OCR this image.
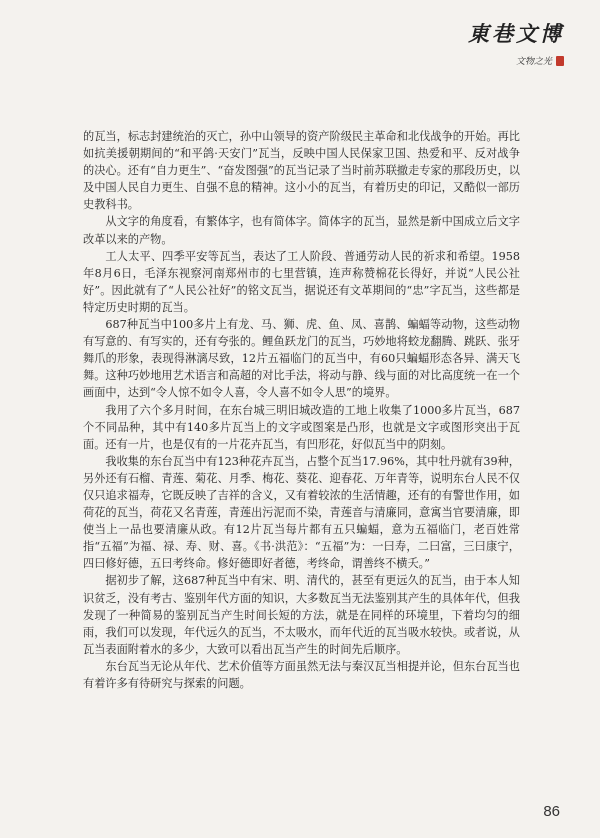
東巷文博
文物之光

的瓦当，标志封建统治的灭亡，孙中山领导的资产阶级民主革命和北伐战争的开始。再比如抗美援朝期间的“和平鸽·天安门”瓦当，反映中国人民保家卫国、热爱和平、反对战争的决心。还有“自力更生”、“奋发图强”的瓦当记录了当时前苏联撤走专家的那段历史，以及中国人民自力更生、自强不息的精神。这小小的瓦当，有着历史的印记，又酷似一部历史教科书。

从文字的角度看，有繁体字，也有简体字。简体字的瓦当，显然是新中国成立后文字改革以来的产物。

工人太平、四季平安等瓦当，表达了工人阶段、普通劳动人民的祈求和希望。1958年8月6日，毛泽东视察河南郑州市的七里营镇，连声称赞棉花长得好，并说“人民公社好”。因此就有了“人民公社好”的铭文瓦当，据说还有文革期间的“忠”字瓦当，这些都是特定历史时期的瓦当。

687种瓦当中100多片上有龙、马、狮、虎、鱼、凤、喜鹊、蝙蝠等动物，这些动物有写意的、有写实的，还有夸张的。鲤鱼跃龙门的瓦当，巧妙地将蛟龙翻腾、跳跃、张牙舞爪的形象，表现得淋漓尽致，12片五福临门的瓦当中，有60只蝙蝠形态各异、满天飞舞。这种巧妙地用艺术语言和高超的对比手法，将动与静、线与面的对比高度统一在一个画面中，达到“令人惊不如令人喜，令人喜不如令人思”的境界。

我用了六个多月时间，在东台城三明旧城改造的工地上收集了1000多片瓦当，687个不同品种，其中有140多片瓦当上的文字或图案是凸形，也就是文字或图形突出于瓦面。还有一片，也是仅有的一片花卉瓦当，有凹形花，好似瓦当中的阴刻。

我收集的东台瓦当中有123种花卉瓦当，占整个瓦当17.96%，其中牡丹就有39种，另外还有石榴、青莲、菊花、月季、梅花、葵花、迎春花、万年青等，说明东台人民不仅仅只追求福寿，它既反映了吉祥的含义，又有着较浓的生活情趣，还有的有警世作用，如荷花的瓦当，荷花又名青莲，青莲出污泥而不染，青莲音与清廉同，意寓当官要清廉，即使当上一品也要清廉从政。有12片瓦当每片都有五只蝙蝠，意为五福临门，老百姓常指“五福”为福、禄、寿、财、喜。《书·洪范》：“五福”为：一曰寿，二曰富，三曰康宁，四曰修好德，五曰考终命。修好德即好者德，考终命，谓善终不横夭。”

据初步了解，这687种瓦当中有宋、明、清代的，甚至有更远久的瓦当，由于本人知识贫乏，没有考古、鉴别年代方面的知识，大多数瓦当无法鉴别其产生的具体年代，但我发现了一种简易的鉴别瓦当产生时间长短的方法，就是在同样的环境里，下着均匀的细雨，我们可以发现，年代远久的瓦当，不太吸水，而年代近的瓦当吸水较快。或者说，从瓦当表面附着水的多少，大致可以看出瓦当产生的时间先后顺序。

东台瓦当无论从年代、艺术价值等方面虽然无法与秦汉瓦当相提并论，但东台瓦当也有着许多有待研究与探索的问题。

86
